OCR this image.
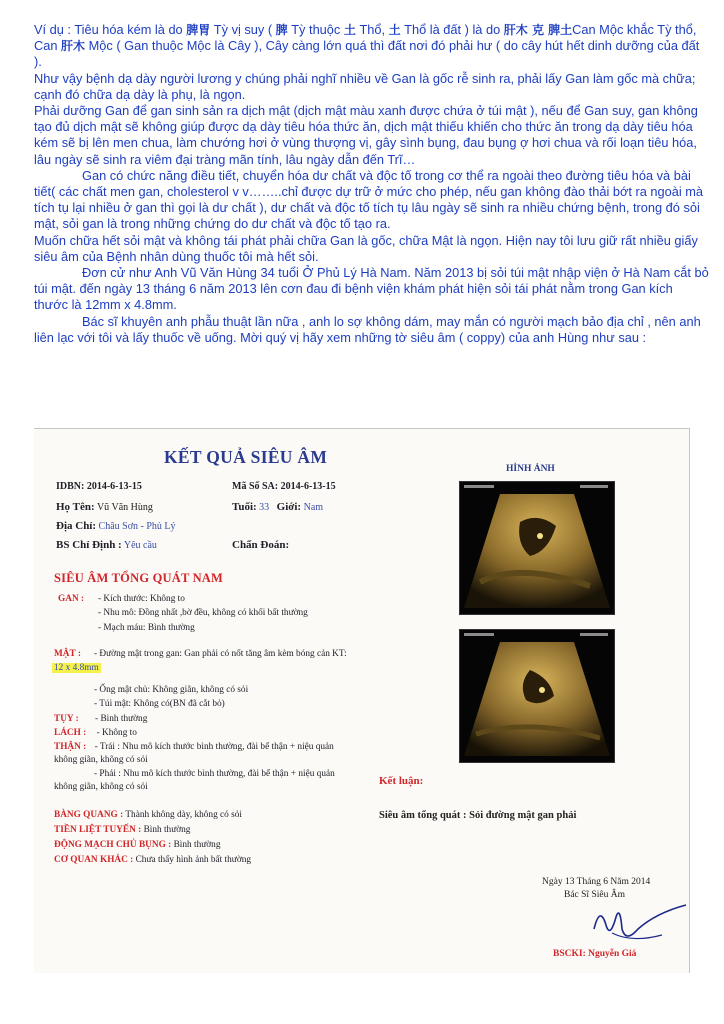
Ví dụ : Tiêu hóa kém là do 脾胃 Tỳ vị suy ( 脾 Tỳ thuộc 土 Thổ, 土 Thổ là đất ) là do 肝木 克 脾土Can Mộc khắc Tỳ thổ, Can 肝木 Mộc ( Gan thuộc Mộc là Cây ), Cây càng lớn quá thì đất nơi đó phải hư ( do cây hút hết dinh dưỡng của đất ).

Như vậy bệnh dạ dày người lương y chúng phải nghĩ nhiều về Gan là gốc rễ sinh ra, phải lấy Gan làm gốc mà chữa; cạnh đó chữa dạ dày là phụ, là ngọn.

Phải dưỡng Gan để gan sinh sản ra dịch mật (dịch mật màu xanh được chứa ở túi mật ), nếu để Gan suy, gan không tạo đủ dịch mật sẽ không giúp được dạ dày tiêu hóa thức ăn, dịch mật thiếu khiến cho thức ăn trong dạ dày tiêu hóa kém sẽ bị lên men chua, làm chướng hơi ở vùng thượng vị, gây sình bụng, đau bụng ợ hơi chua và rối loạn tiêu hóa, lâu ngày sẽ sinh ra viêm đại tràng mãn tính, lâu ngày dẫn đến Trĩ…

Gan có chức năng điều tiết, chuyển hóa dư chất và độc tố trong cơ thể ra ngoài theo đường tiêu hóa và bài tiết( các chất men gan, cholesterol v v……..chỉ được dự trữ ở mức cho phép, nếu gan không đào thải bớt ra ngoài mà tích tụ lại nhiều ở gan thì gọi là dư chất ), dư chất và độc tố tích tụ lâu ngày sẽ sinh ra nhiều chứng bệnh, trong đó sỏi mật, sỏi gan là trong những chứng do dư chất và độc tố tạo ra.

Muốn chữa hết sỏi mật và không tái phát phải chữa Gan là gốc, chữa Mật là ngọn. Hiện nay tôi lưu giữ rất nhiều giấy siêu âm của Bệnh nhân dùng thuốc tôi mà hết sỏi.

Đơn cử như Anh Vũ Văn Hùng 34 tuổi Ở Phủ Lý Hà Nam. Năm 2013 bị sỏi túi mật nhập viện ở Hà Nam cắt bỏ túi mật. đến ngày 13 tháng 6 năm 2013 lên cơn đau đi bệnh viện khám phát hiện sỏi tái phát nằm trong Gan kích thước là 12mm x 4.8mm.

Bác sĩ khuyên anh phẫu thuật lần nữa , anh lo sợ không dám, may mắn có người mạch bảo địa chỉ , nên anh liên lạc với tôi và lấy thuốc về uống. Mời quý vị hãy xem những tờ siêu âm ( coppy) của anh Hùng như sau :

KẾT QUẢ SIÊU ÂM
IDBN: 2014-6-13-15	Mã Số SA: 2014-6-13-15
Họ Tên: Vũ Văn Hùng	Tuổi: 33 Giới: Nam
Địa Chỉ: Châu Sơn - Phủ Lý
BS Chỉ Định : Yêu cầu	Chẩn Đoán:
SIÊU ÂM TỔNG QUÁT NAM
GAN : - Kích thước: Không to
- Nhu mô: Đồng nhất ,bờ đều, không có khối bất thường
- Mạch máu: Bình thường
MẬT : - Đường mật trong gan: Gan phải có nốt tăng âm kèm bóng cản KT:
12 x 4.8mm
- Ống mật chủ: Không giãn, không có sỏi
- Túi mật: Không có(BN đã cắt bỏ)
TỤY : - Bình thường
LÁCH : - Không to
THẬN : - Trái : Nhu mô kích thước bình thường, đài bể thận + niệu quản
không giãn, không có sỏi
- Phải : Nhu mô kích thước bình thường, đài bể thận + niệu quản
không giãn, không có sỏi
BÀNG QUANG : Thành không dày, không có sỏi
TIỀN LIỆT TUYẾN : Bình thường
ĐỘNG MẠCH CHỦ BỤNG : Bình thường
CƠ QUAN KHÁC : Chưa thấy hình ảnh bất thường
HÌNH ẢNH
Kết luận:
Siêu âm tổng quát : Sỏi đường mật gan phải
Ngày 13 Tháng 6 Năm 2014
Bác Sĩ Siêu Âm
BSCKI: Nguyễn Giá
